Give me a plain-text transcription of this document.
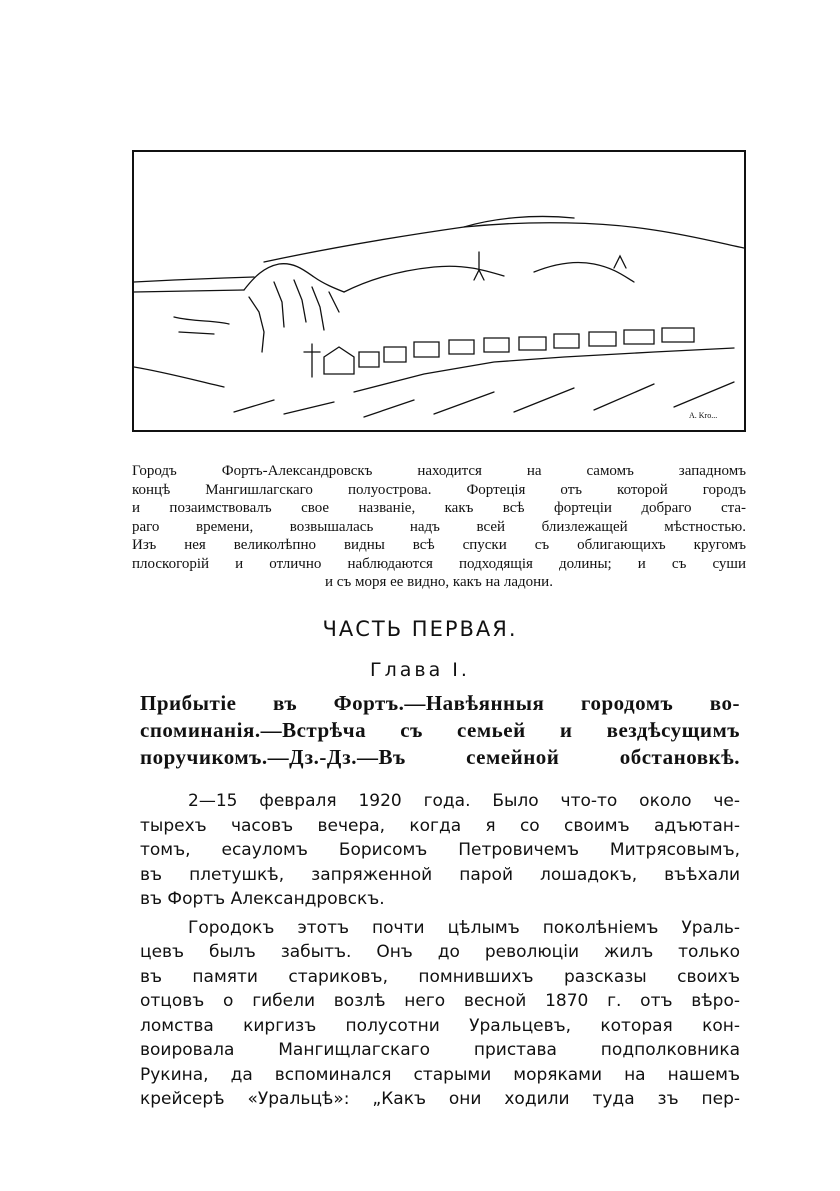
A. Kro...

Городъ Фортъ-Александровскъ находится на самомъ западномъ

концѣ Мангишлагскаго полуострова. Фортеція отъ которой городъ

и позаимствовалъ свое названіе, какъ всѣ фортеціи добраго ста-

раго времени, возвышалась надъ всей близлежащей мѣстностью.

Изъ нея великолѣпно видны всѣ спуски съ облигающихъ кругомъ

плоскогорій и отлично наблюдаются подходящія долины; и съ суши

и съ моря ее видно, какъ на ладони.

ЧАСТЬ ПЕРВАЯ.
Глава I.

Прибытіе въ Фортъ.—Навѣянныя городомъ во-

споминанія.—Встрѣча съ семьей и вездѣсущимъ

поручикомъ.—Дз.-Дз.—Въ семейной обстановкѣ.

2—15 февраля 1920 года. Было что-то около че-

тырехъ часовъ вечера, когда я со своимъ адъютан-

томъ, есауломъ Борисомъ Петровичемъ Митрясовымъ,

въ плетушкѣ, запряженной парой лошадокъ, въѣхали

въ Фортъ Александровскъ.

Городокъ этотъ почти цѣлымъ поколѣніемъ Ураль-

цевъ былъ забытъ. Онъ до революціи жилъ только

въ памяти стариковъ, помнившихъ разсказы своихъ

отцовъ о гибели возлѣ него весной 1870 г. отъ вѣро-

ломства киргизъ полусотни Уральцевъ, которая кон-

воировала Мангищлагскаго пристава подполковника

Рукина, да вспоминался старыми моряками на нашемъ

крейсерѣ «Уральцѣ»: „Какъ они ходили туда зъ пер-
